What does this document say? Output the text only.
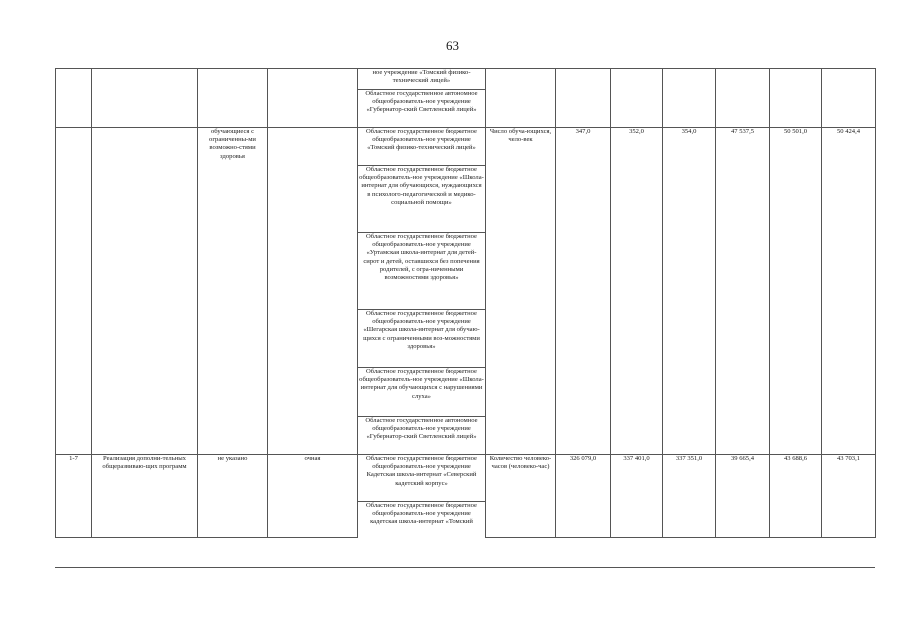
63
				ное учреждение «Томский физико-технический лицей»							
				Областное государственное автономное общеобразователь-ное учреждение «Губернатор-ский Светленский лицей»							
		обучающиеся с ограниченны-ми возможно-стями здоровья		Областное государственное бюджетное общеобразователь-ное учреждение «Томский физико-технический лицей»	Число обуча-ющихся, чело-век	347,0	352,0	354,0	47 537,5	50 501,0	50 424,4
				Областное государственное бюджетное общеобразователь-ное учреждение «Школа-интернат для обучающихся, нуждающихся в психолого-педагогической и медико-социальной помощи»							
				Областное государственное бюджетное общеобразователь-ное учреждение «Уртамская школа-интернат для детей-сирот и детей, оставшихся без попечения родителей, с огра-ниченными возможностями здоровья»							
				Областное государственное бюджетное общеобразователь-ное учреждение «Шегарская школа-интернат для обучаю-щихся с ограниченными воз-можностями здоровья»							
				Областное государственное бюджетное общеобразователь-ное учреждение «Школа-интернат для обучающихся с нарушениями слуха»							
				Областное государственное автономное общеобразователь-ное учреждение «Губернатор-ский Светленский лицей»							
1-7	Реализация дополни-тельных общеразвиваю-щих программ	не указано	очная	Областное государственное бюджетное общеобразователь-ное учреждение Кадетская школа-интернат «Северский кадетский корпус»	Количество человеко-часов (человеко-час)	326 079,0	337 401,0	337 351,0	39 665,4	43 688,6	43 703,1
				Областное государственное бюджетное общеобразователь-ное учреждение кадетская школа-интернат «Томский							
